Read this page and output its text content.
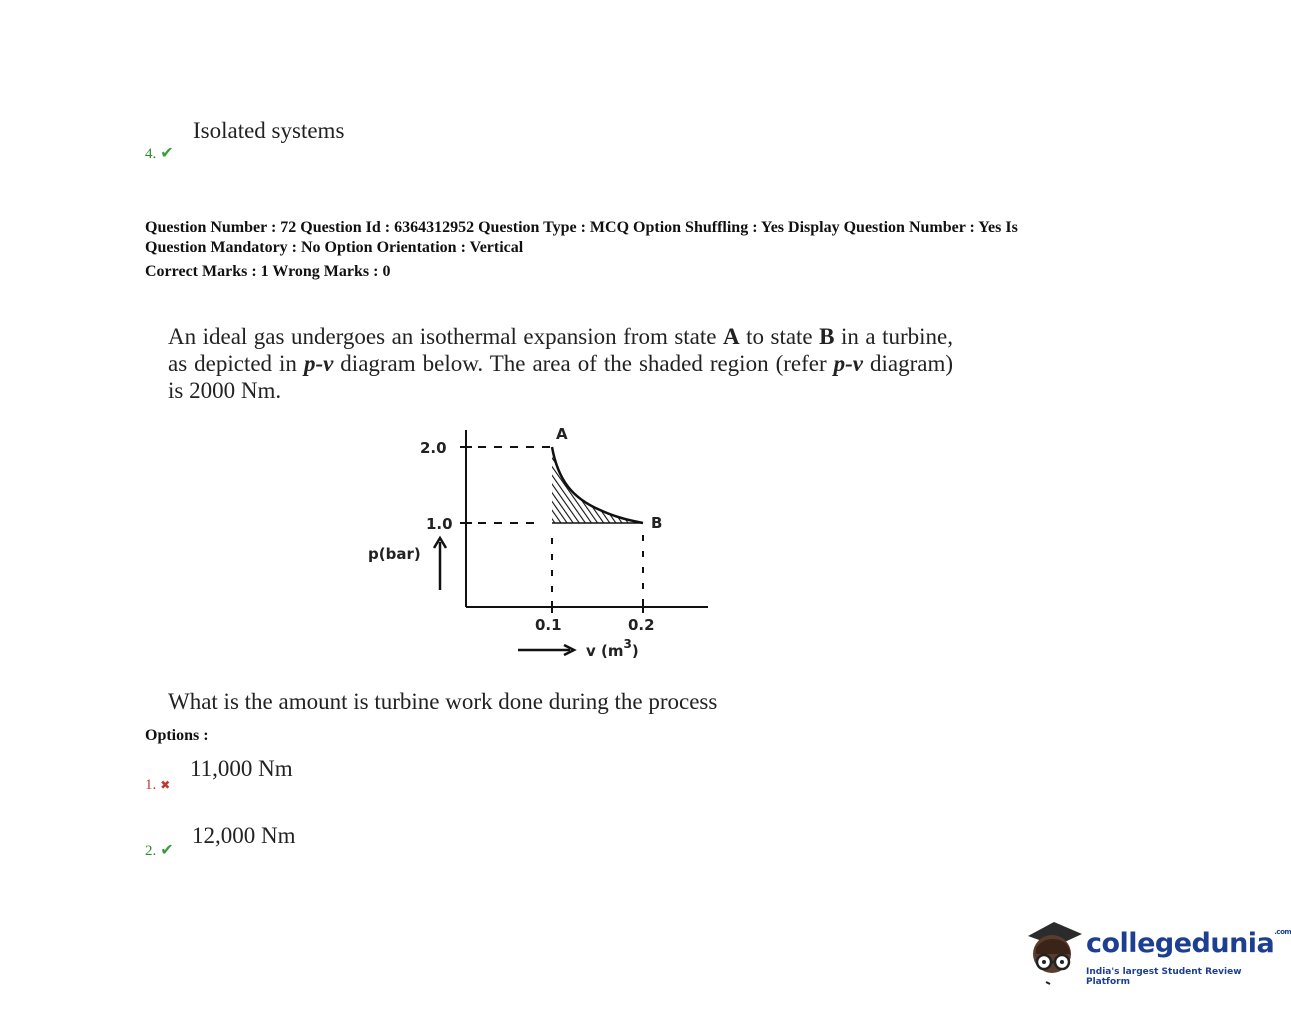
4. ✔
Isolated systems
Question Number : 72 Question Id : 6364312952 Question Type : MCQ Option Shuffling : Yes Display Question Number : Yes Is
Question Mandatory : No Option Orientation : Vertical
Correct Marks : 1 Wrong Marks : 0
An ideal gas undergoes an isothermal expansion from state A to state B in a turbine, as depicted in p-v diagram below. The area of the shaded region (refer p-v diagram) is 2000 Nm.
2.0
1.0
p(bar)
0.1	0.2
A
B
v $(m^3)$
What is the amount is turbine work done during the process
Options :
1. ✖
11,000 Nm
2. ✔
12,000 Nm
collegedunia$^{.com}$
India's largest Student Review Platform
